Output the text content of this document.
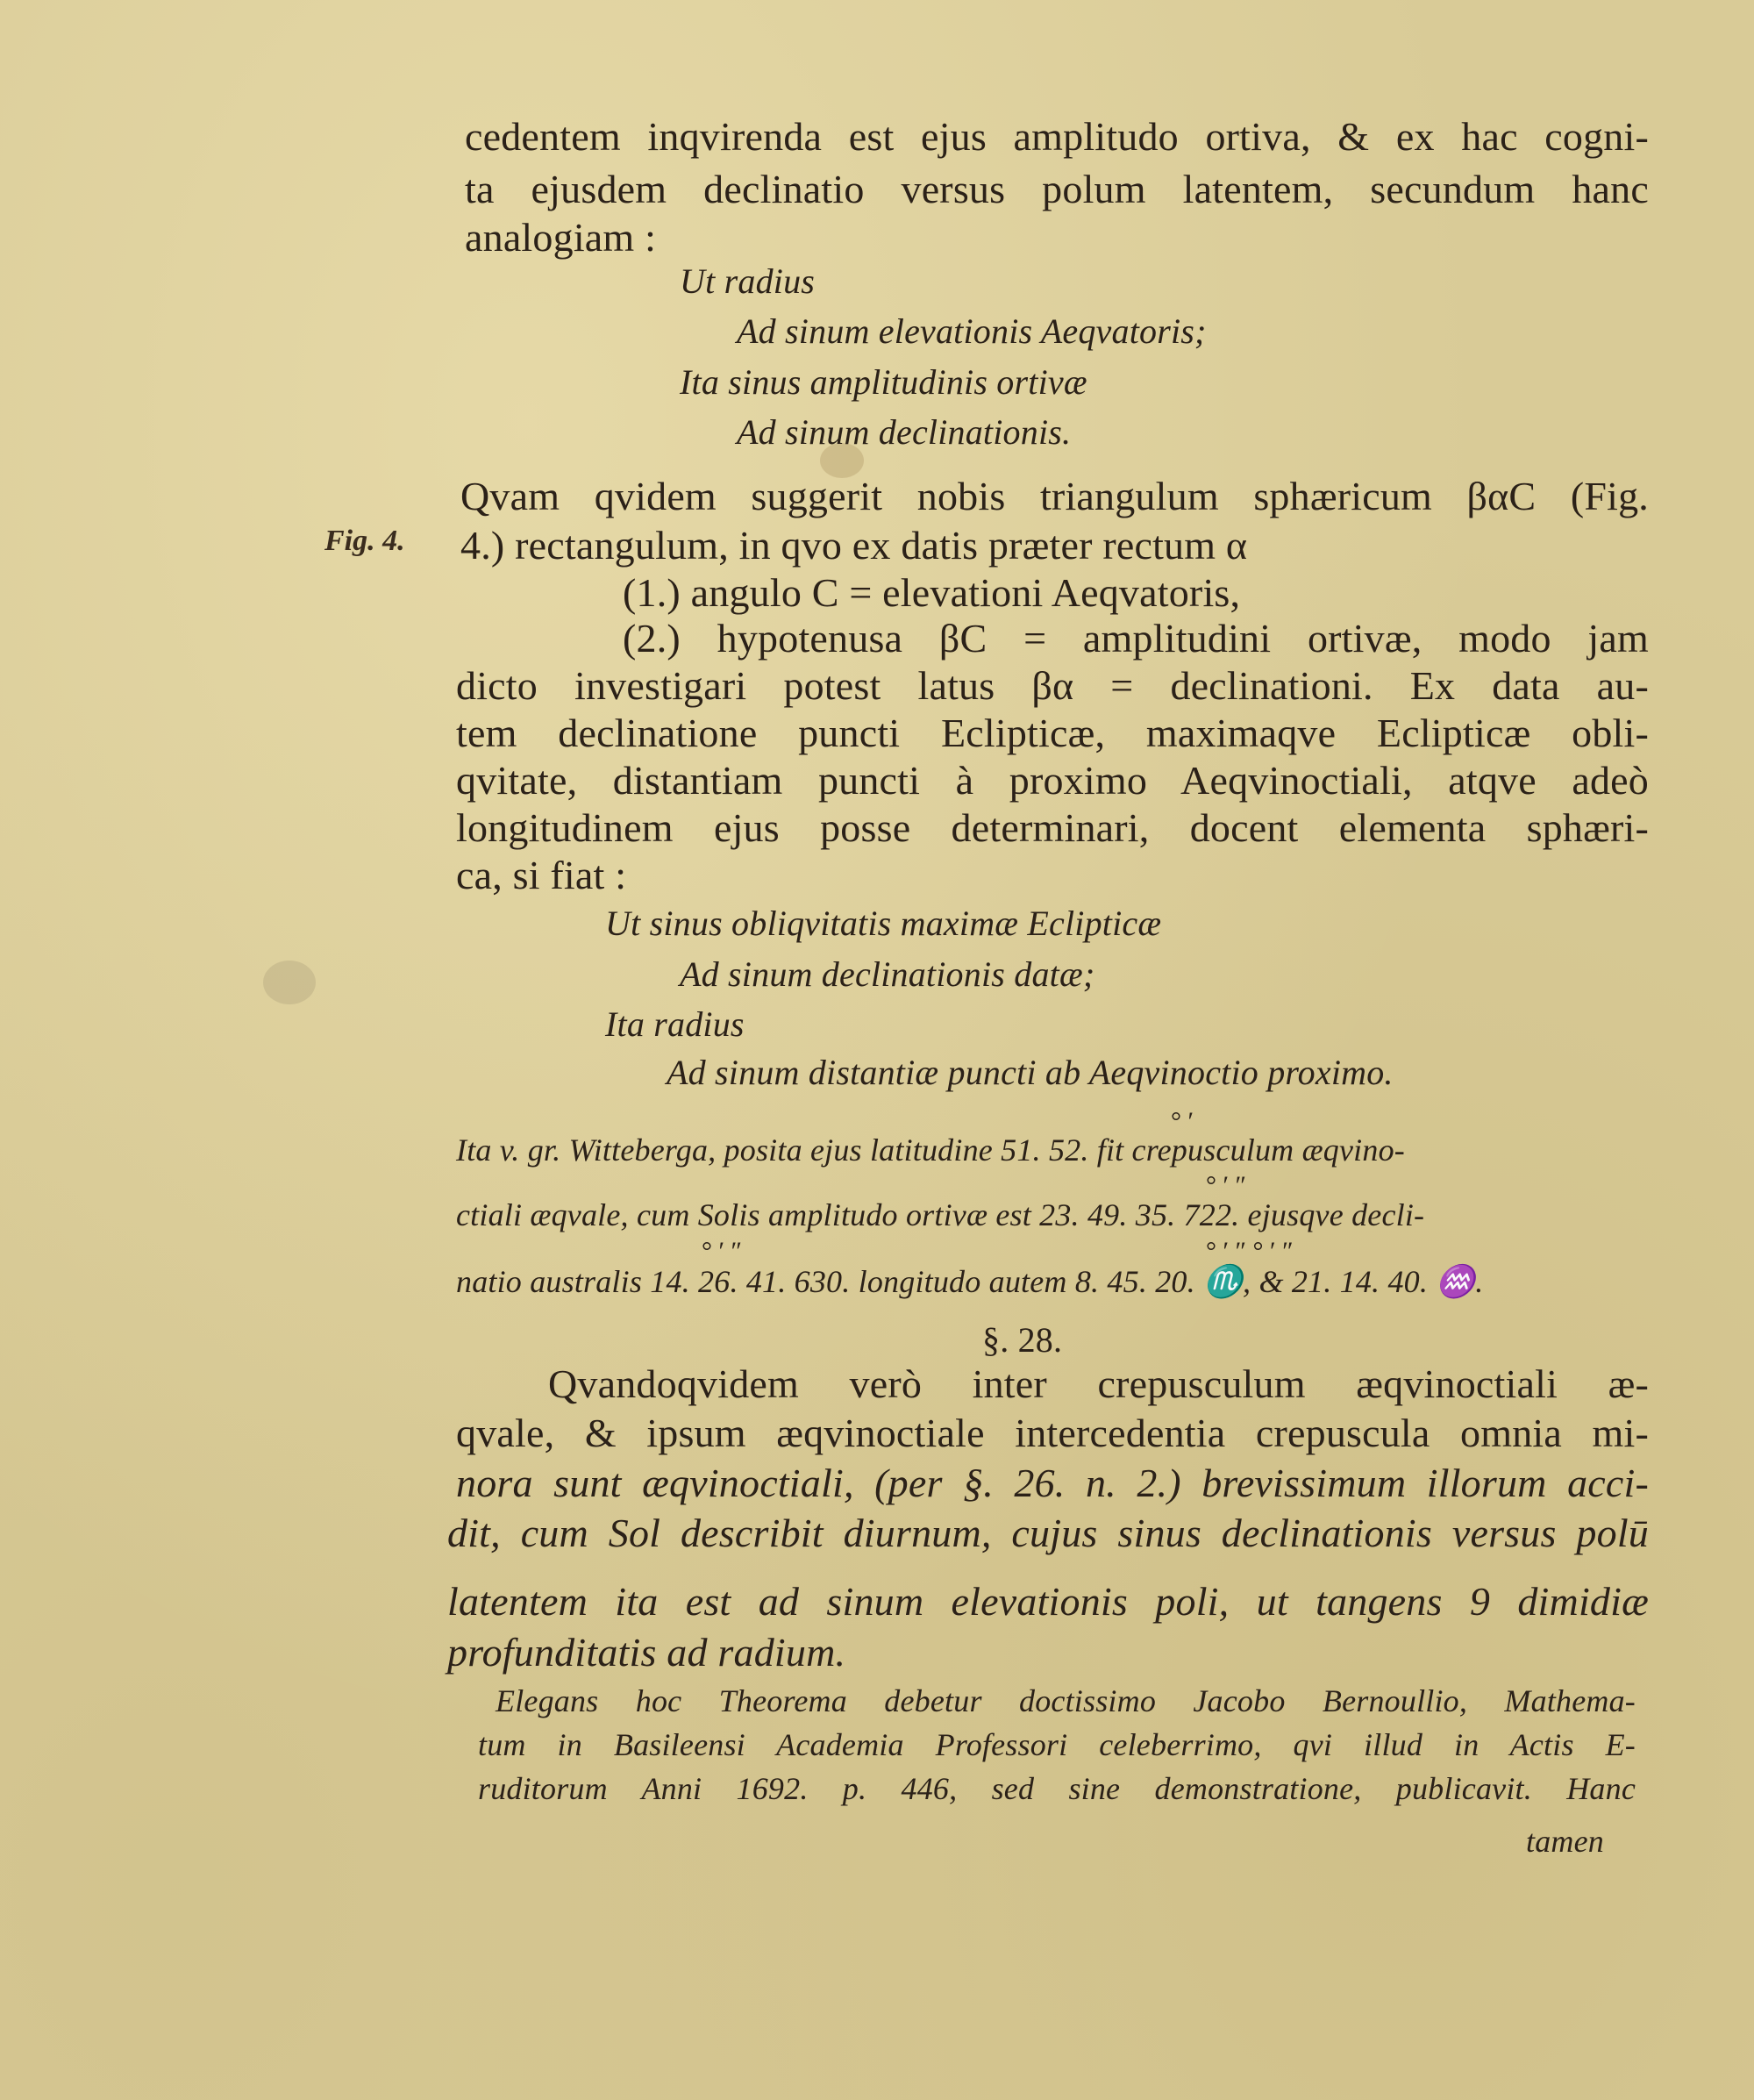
cedentem inqvirenda est ejus amplitudo ortiva, & ex hac cogni-
ta ejusdem declinatio versus polum latentem, secundum hanc
analogiam :
Ut radius
Ad sinum elevationis Aeqvatoris;
Ita sinus amplitudinis ortivæ
Ad sinum declinationis.
Fig. 4.
Qvam qvidem suggerit nobis triangulum sphæricum βαC (Fig.
4.) rectangulum, in qvo ex datis præter rectum α
(1.) angulo C = elevationi Aeqvatoris,
(2.) hypotenusa βC = amplitudini ortivæ, modo jam
dicto investigari potest latus βα = declinationi. Ex data au-
tem declinatione puncti Eclipticæ, maximaqve Eclipticæ obli-
qvitate, distantiam puncti à proximo Aeqvinoctiali, atqve adeò
longitudinem ejus posse determinari, docent elementa sphæri-
ca, si fiat :
Ut sinus obliqvitatis maximæ Eclipticæ
Ad sinum declinationis datæ;
Ita radius
Ad sinum distantiæ puncti ab Aeqvinoctio proximo.
° ′
Ita v. gr. Witteberga, posita ejus latitudine 51. 52. fit crepusculum æqvino-
° ′ ″
ctiali æqvale, cum Solis amplitudo ortivæ est 23. 49. 35. 722. ejusqve decli-
° ′ ″	° ′ ″ ° ′ ″
natio australis 14. 26. 41. 630. longitudo autem 8. 45. 20. ♏, & 21. 14. 40. ♒.
§. 28.
Qvandoqvidem verò inter crepusculum æqvinoctiali æ-
qvale, & ipsum æqvinoctiale intercedentia crepuscula omnia mi-
nora sunt æqvinoctiali, (per §. 26. n. 2.) brevissimum illorum acci-
dit, cum Sol describit diurnum, cujus sinus declinationis versus polū
latentem ita est ad sinum elevationis poli, ut tangens 9 dimidiæ
profunditatis ad radium.
Elegans hoc Theorema debetur doctissimo Jacobo Bernoullio, Mathema-
tum in Basileensi Academia Professori celeberrimo, qvi illud in Actis E-
ruditorum Anni 1692. p. 446, sed sine demonstratione, publicavit. Hanc
tamen
